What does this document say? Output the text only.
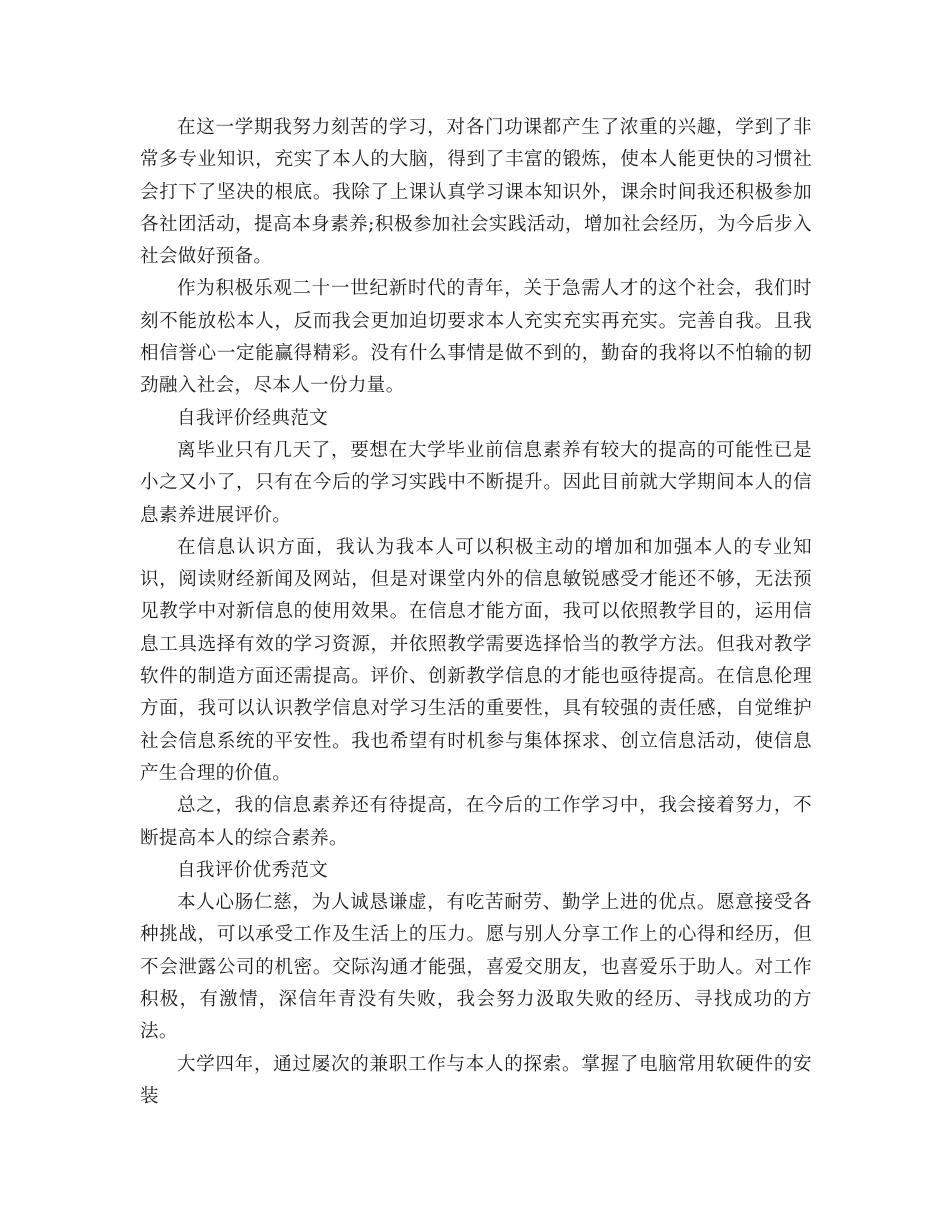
在这一学期我努力刻苦的学习，对各门功课都产生了浓重的兴趣，学到了非常多专业知识，充实了本人的大脑，得到了丰富的锻炼，使本人能更快的习惯社会打下了坚决的根底。我除了上课认真学习课本知识外，课余时间我还积极参加各社团活动，提高本身素养;积极参加社会实践活动，增加社会经历，为今后步入社会做好预备。

作为积极乐观二十一世纪新时代的青年，关于急需人才的这个社会，我们时刻不能放松本人，反而我会更加迫切要求本人充实充实再充实。完善自我。且我相信誉心一定能赢得精彩。没有什么事情是做不到的，勤奋的我将以不怕输的韧劲融入社会，尽本人一份力量。

自我评价经典范文

离毕业只有几天了，要想在大学毕业前信息素养有较大的提高的可能性已是小之又小了，只有在今后的学习实践中不断提升。因此目前就大学期间本人的信息素养进展评价。

在信息认识方面，我认为我本人可以积极主动的增加和加强本人的专业知识，阅读财经新闻及网站，但是对课堂内外的信息敏锐感受才能还不够，无法预见教学中对新信息的使用效果。在信息才能方面，我可以依照教学目的，运用信息工具选择有效的学习资源，并依照教学需要选择恰当的教学方法。但我对教学软件的制造方面还需提高。评价、创新教学信息的才能也亟待提高。在信息伦理方面，我可以认识教学信息对学习生活的重要性，具有较强的责任感，自觉维护社会信息系统的平安性。我也希望有时机参与集体探求、创立信息活动，使信息产生合理的价值。

总之，我的信息素养还有待提高，在今后的工作学习中，我会接着努力，不断提高本人的综合素养。

自我评价优秀范文

本人心肠仁慈，为人诚恳谦虚，有吃苦耐劳、勤学上进的优点。愿意接受各种挑战，可以承受工作及生活上的压力。愿与别人分享工作上的心得和经历，但不会泄露公司的机密。交际沟通才能强，喜爱交朋友，也喜爱乐于助人。对工作积极，有激情，深信年青没有失败，我会努力汲取失败的经历、寻找成功的方法。

大学四年，通过屡次的兼职工作与本人的探索。掌握了电脑常用软硬件的安装
